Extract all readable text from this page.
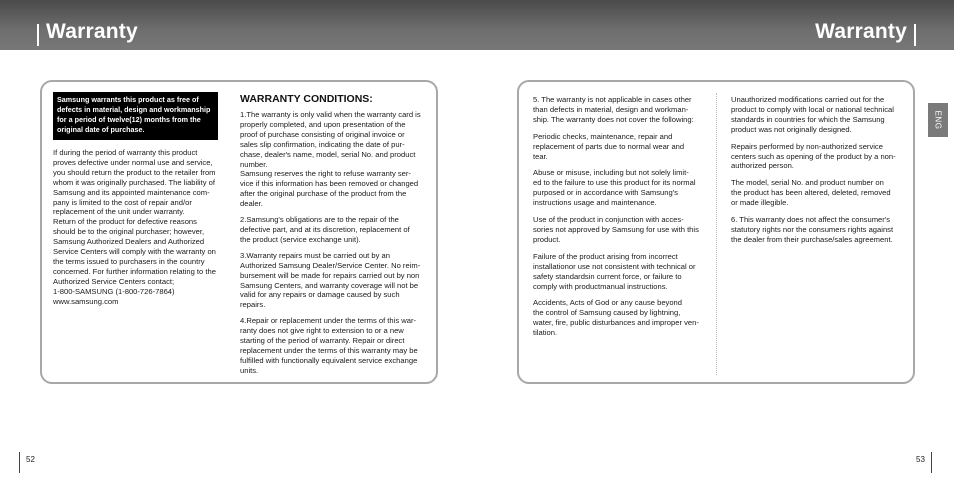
Warranty	Warranty
Samsung warrants this product as free of
defects in material, design and workmanship
for a period of twelve(12) months from the
original date of purchase.

If during the period of warranty this product
proves defective under normal use and service,
you should return the product to the retailer from
whom it was originally purchased. The liability of
Samsung and its appointed maintenance com-
pany is limited to the cost of repair and/or
replacement of the unit under warranty.
Return of the product for defective reasons
should be to the original purchaser; however,
Samsung Authorized Dealers and Authorized
Service Centers will comply with the warranty on
the terms issued to purchasers in the country
concerned. For further information relating to the
Authorized Service Centers contact;
1-800-SAMSUNG (1-800-726-7864)
www.samsung.com

WARRANTY CONDITIONS:

1.The warranty is only valid when the warranty card is
properly completed, and upon presentation of the
proof of purchase consisting of original invoice or
sales slip confirmation, indicating the date of pur-
chase, dealer's name, model, serial No. and product
number.
Samsung reserves the right to refuse warranty ser-
vice if this information has been removed or changed
after the original purchase of the product from the
dealer.

2.Samsung's obligations are to the repair of the
defective part, and at its discretion, replacement of
the product (service exchange unit).

3.Warranty repairs must be carried out by an
Authorized Samsung Dealer/Service Center. No reim-
bursement will be made for repairs carried out by non
Samsung Centers, and warranty coverage will not be
valid for any repairs or damage caused by such
repairs.

4.Repair or replacement under the terms of this war-
ranty does not give right to extension to or a new
starting of the period of warranty. Repair or direct
replacement under the terms of this warranty may be
fulfilled with functionally equivalent service exchange
units.

5. The warranty is not applicable in cases other
than defects in material, design and workman-
ship. The warranty does not cover the following:

Periodic checks, maintenance, repair and
replacement of parts due to normal wear and
tear.

Abuse or misuse, including but not solely limit-
ed to the failure to use this product for its normal
purposed or in accordance with Samsung's
instructions usage and maintenance.

Use of the product in conjunction with acces-
sories not approved by Samsung for use with this
product.

Failure of the product arising from incorrect
installationor use not consistent with technical or
safety standardsin current force, or failure to
comply with productmanual instructions.

Accidents, Acts of God or any cause beyond
the control of Samsung caused by lightning,
water, fire, public disturbances and improper ven-
tilation.

Unauthorized modifications carried out for the
product to comply with local or national technical
standards in countries for which the Samsung
product was not originally designed.

Repairs performed by non-authorized service
centers such as opening of the product by a non-
authorized person.

The model, serial No. and product number on
the product has been altered, deleted, removed
or made illegible.

6. This warranty does not affect the consumer's
statutory rights nor the consumers rights against
the dealer from their purchase/sales agreement.

ENG
52	53
